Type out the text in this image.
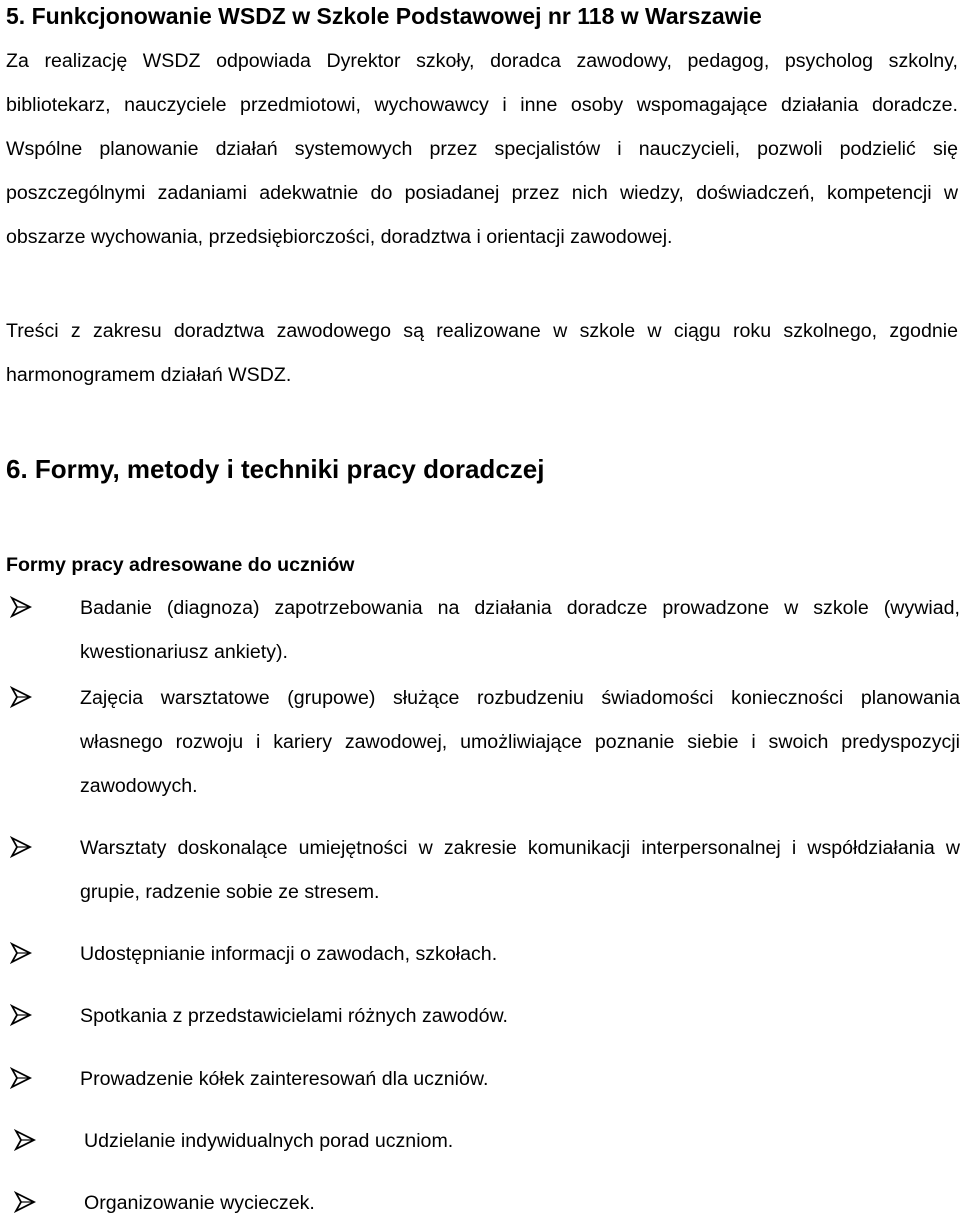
5. Funkcjonowanie WSDZ w Szkole Podstawowej nr 118 w Warszawie

Za realizację WSDZ odpowiada Dyrektor szkoły, doradca zawodowy, pedagog, psycholog szkolny, bibliotekarz, nauczyciele przedmiotowi, wychowawcy i inne osoby wspomagające działania doradcze. Wspólne planowanie działań systemowych przez specjalistów i nauczycieli, pozwoli podzielić się poszczególnymi zadaniami adekwatnie do posiadanej przez nich wiedzy, doświadczeń, kompetencji w obszarze wychowania, przedsiębiorczości, doradztwa i orientacji zawodowej.

Treści z zakresu doradztwa zawodowego są realizowane w szkole w ciągu roku szkolnego, zgodnie harmonogramem działań WSDZ.

6. Formy, metody i techniki pracy doradczej
Formy pracy adresowane do uczniów

Badanie (diagnoza) zapotrzebowania na działania doradcze prowadzone w szkole (wywiad, kwestionariusz ankiety).

Zajęcia warsztatowe (grupowe) służące rozbudzeniu świadomości konieczności planowania własnego rozwoju i kariery zawodowej, umożliwiające poznanie siebie i swoich predyspozycji zawodowych.

Warsztaty doskonalące umiejętności w zakresie komunikacji interpersonalnej i współdziałania w grupie, radzenie sobie ze stresem.

Udostępnianie informacji o zawodach, szkołach.

Spotkania z przedstawicielami różnych zawodów.

Prowadzenie kółek zainteresowań dla uczniów.

Udzielanie indywidualnych porad uczniom.

Organizowanie wycieczek.
